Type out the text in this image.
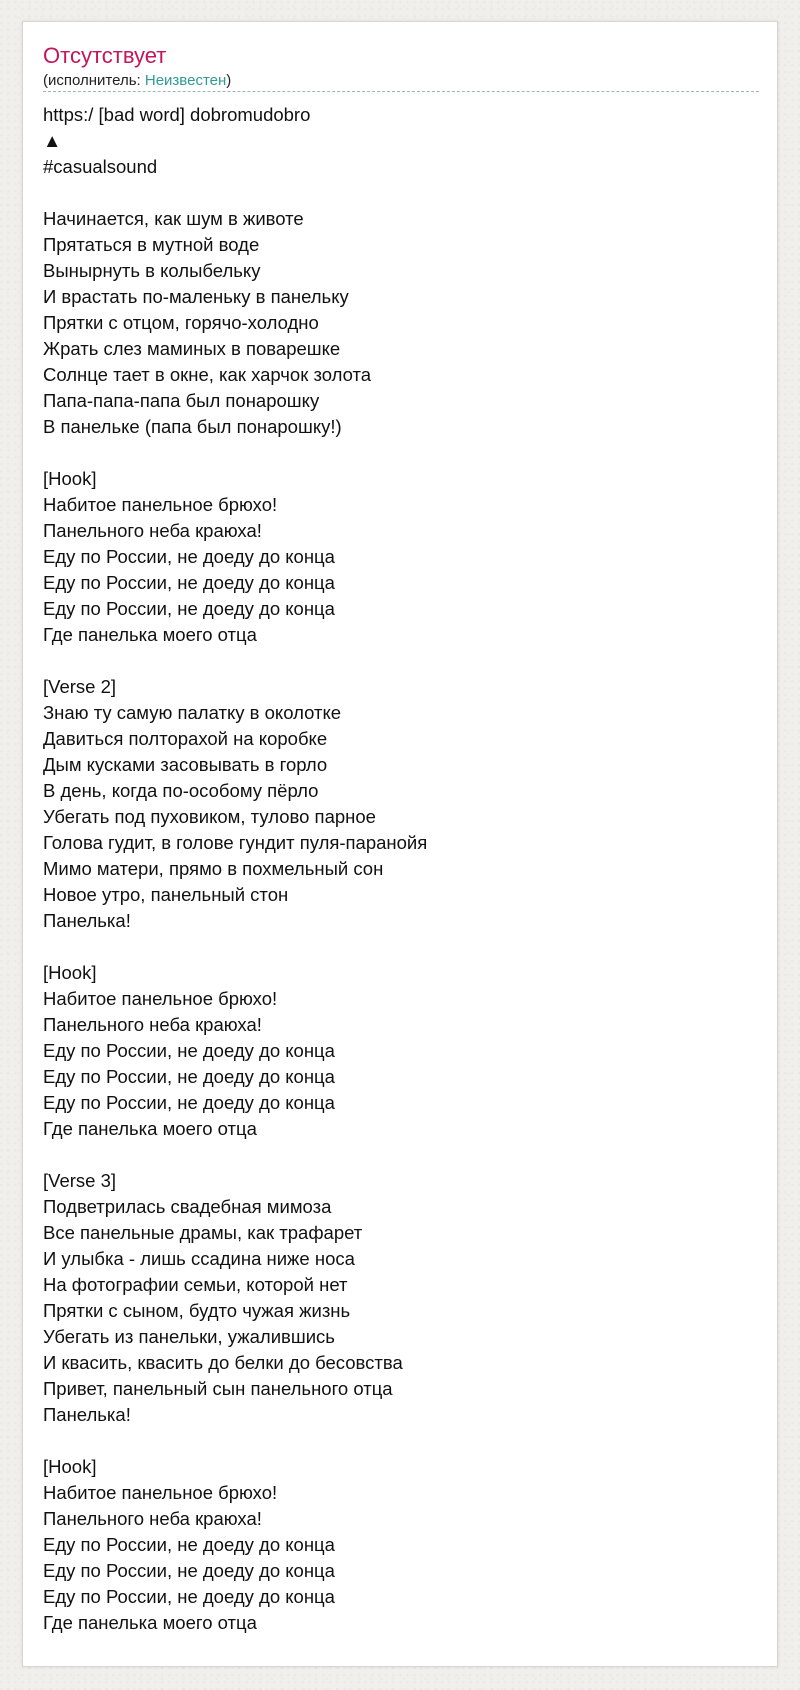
Отсутствует
(исполнитель: Неизвестен)
https:/ [bad word] dobromudobro
▲
#casualsound
Начинается, как шум в животе
Прятаться в мутной воде
Вынырнуть в колыбельку
И врастать по-маленьку в панельку
Прятки с отцом, горячо-холодно
Жрать слез маминых в поварешке
Солнце тает в окне, как харчок золота
Папа-папа-папа был понарошку
В панельке (папа был понарошку!)
[Hook]
Набитое панельное брюхо!
Панельного неба краюха!
Еду по России, не доеду до конца
Еду по России, не доеду до конца
Еду по России, не доеду до конца
Где панелька моего отца
[Verse 2]
Знаю ту самую палатку в околотке
Давиться полторахой на коробке
Дым кусками засовывать в горло
В день, когда по-особому пёрло
Убегать под пуховиком, тулово парное
Голова гудит, в голове гундит пуля-паранойя
Мимо матери, прямо в похмельный сон
Новое утро, панельный стон
Панелька!
[Hook]
Набитое панельное брюхо!
Панельного неба краюха!
Еду по России, не доеду до конца
Еду по России, не доеду до конца
Еду по России, не доеду до конца
Где панелька моего отца
[Verse 3]
Подветрилась свадебная мимоза
Все панельные драмы, как трафарет
И улыбка - лишь ссадина ниже носа
На фотографии семьи, которой нет
Прятки с сыном, будто чужая жизнь
Убегать из панельки, ужалившись
И квасить, квасить до белки до бесовства
Привет, панельный сын панельного отца
Панелька!
[Hook]
Набитое панельное брюхо!
Панельного неба краюха!
Еду по России, не доеду до конца
Еду по России, не доеду до конца
Еду по России, не доеду до конца
Где панелька моего отца
